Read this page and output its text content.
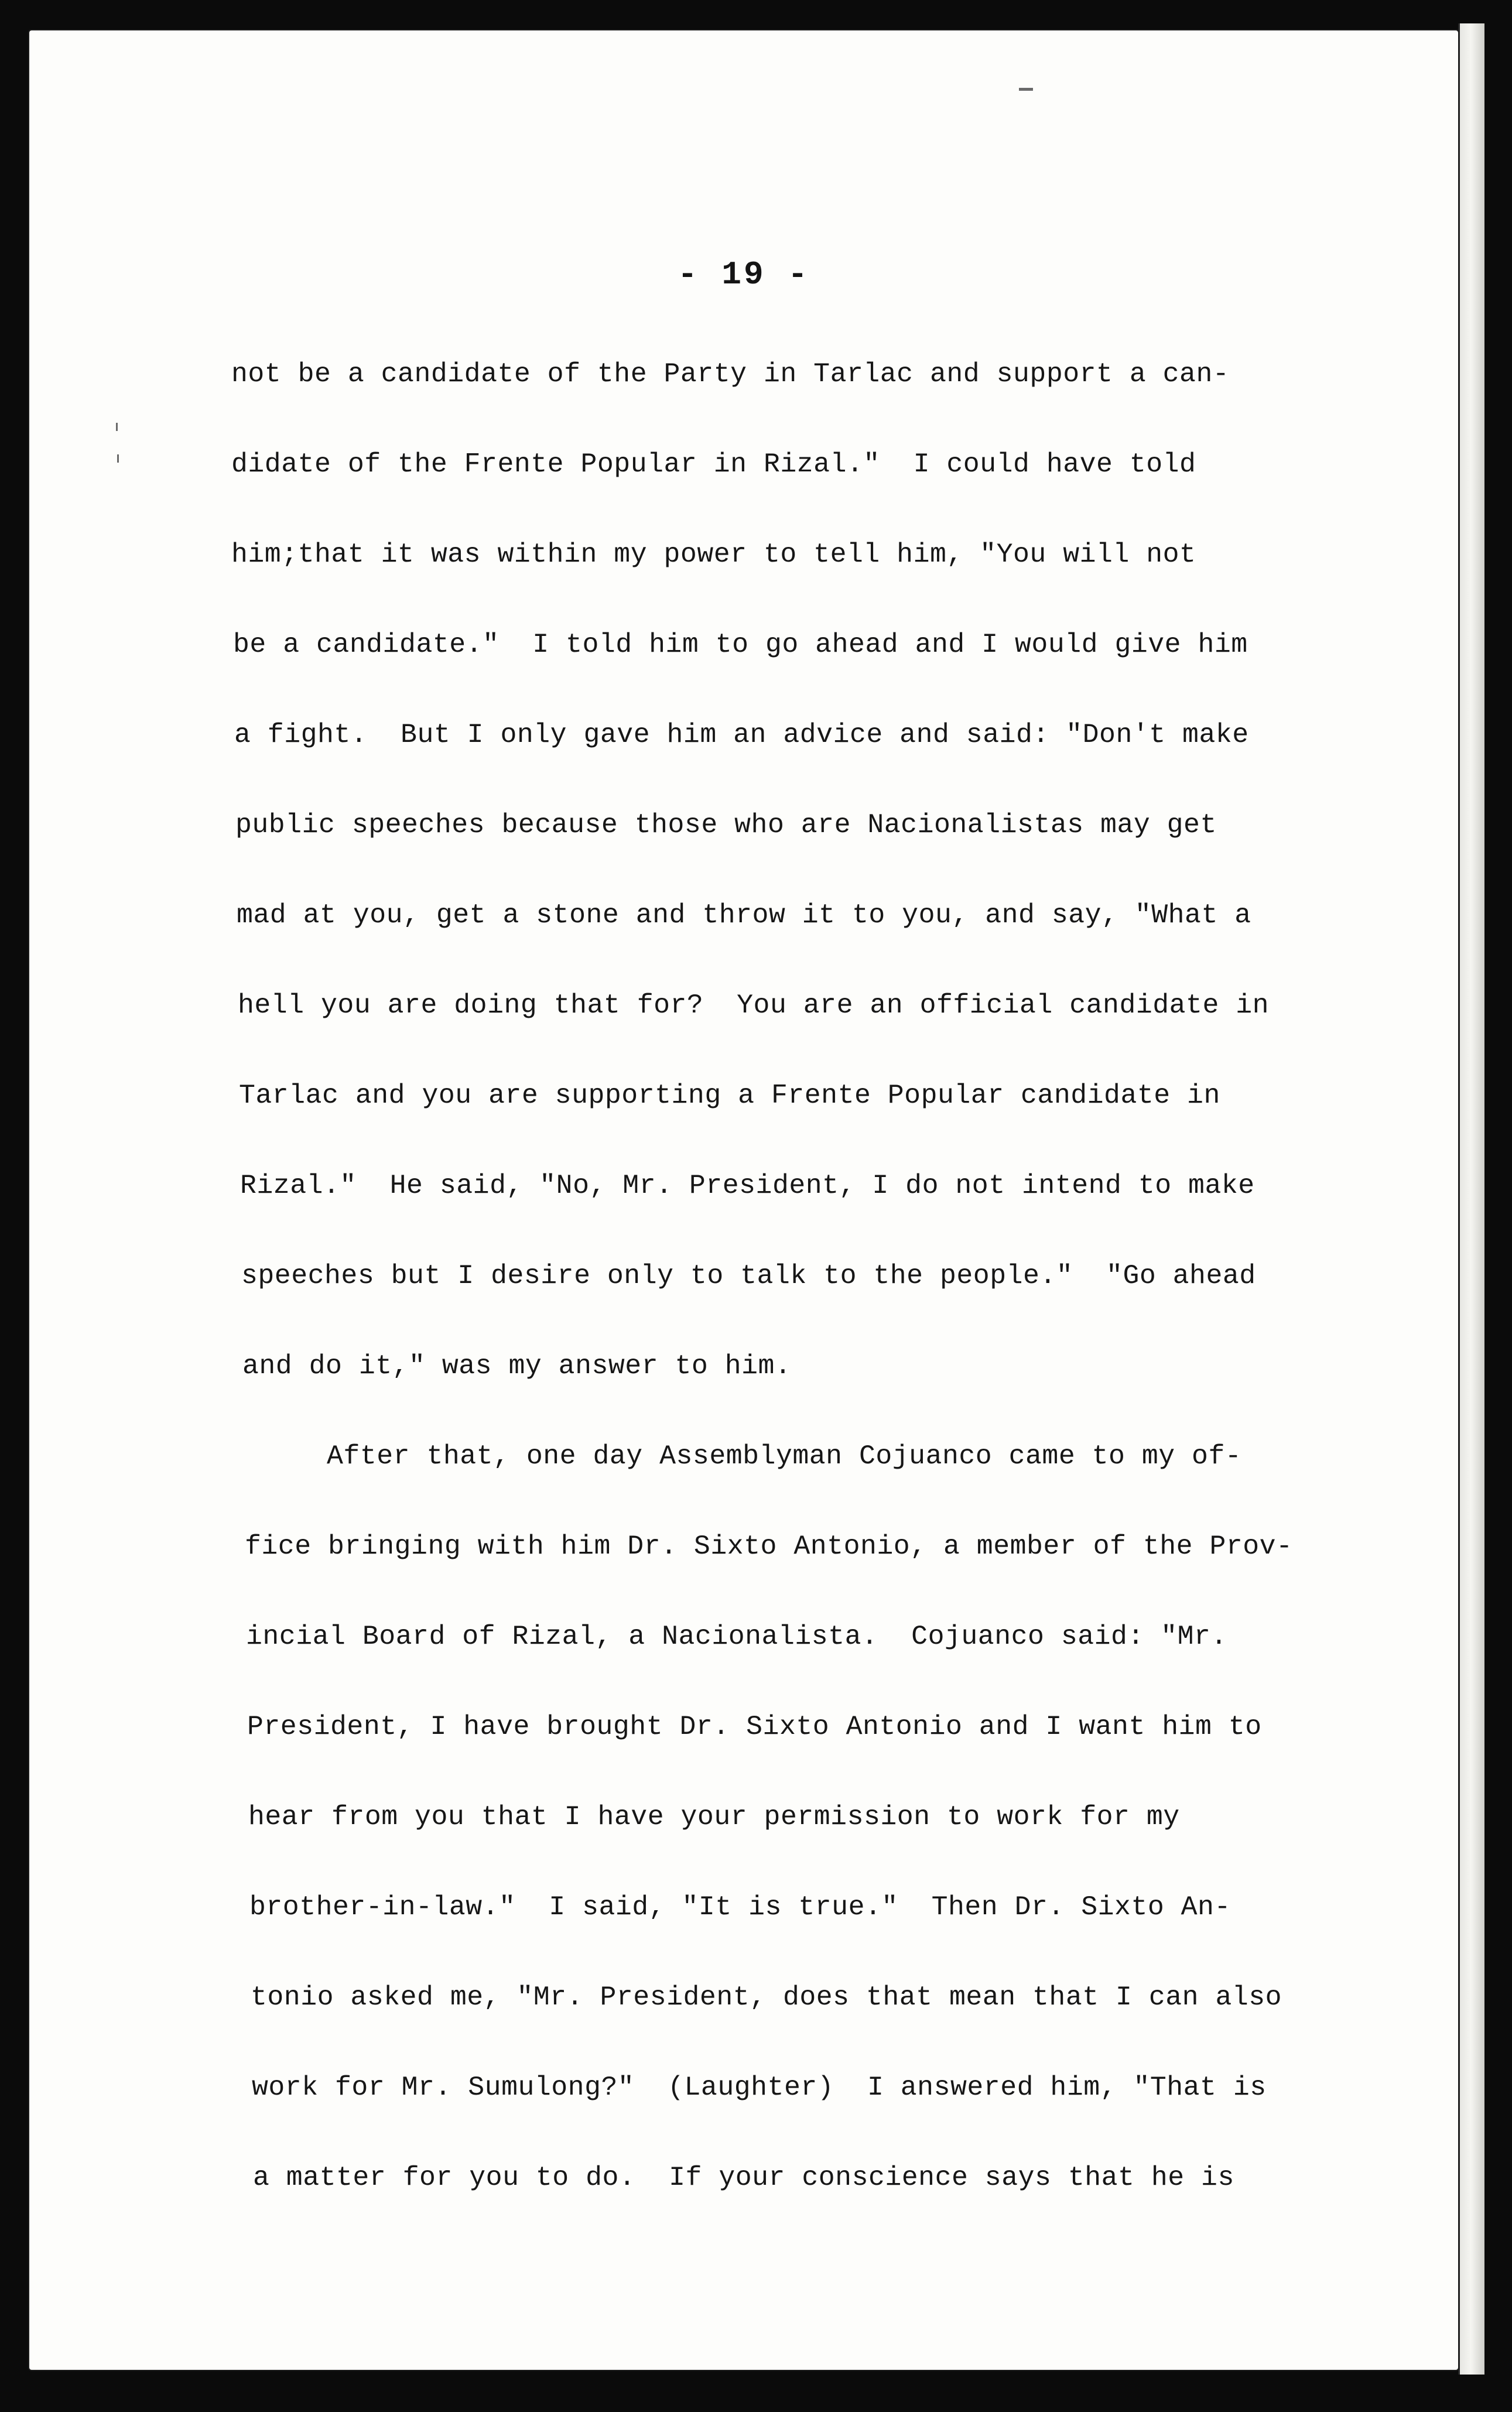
- 19 -
not be a candidate of the Party in Tarlac and support a can-
didate of the Frente Popular in Rizal."  I could have told
him;that it was within my power to tell him, "You will not
be a candidate."  I told him to go ahead and I would give him
a fight.  But I only gave him an advice and said: "Don't make
public speeches because those who are Nacionalistas may get
mad at you, get a stone and throw it to you, and say, "What a
hell you are doing that for?  You are an official candidate in
Tarlac and you are supporting a Frente Popular candidate in
Rizal."  He said, "No, Mr. President, I do not intend to make
speeches but I desire only to talk to the people."  "Go ahead
and do it," was my answer to him.
After that, one day Assemblyman Cojuanco came to my of-
fice bringing with him Dr. Sixto Antonio, a member of the Prov-
incial Board of Rizal, a Nacionalista.  Cojuanco said: "Mr.
President, I have brought Dr. Sixto Antonio and I want him to
hear from you that I have your permission to work for my
brother-in-law."  I said, "It is true."  Then Dr. Sixto An-
tonio asked me, "Mr. President, does that mean that I can also
work for Mr. Sumulong?"  (Laughter)  I answered him, "That is
a matter for you to do.  If your conscience says that he is
